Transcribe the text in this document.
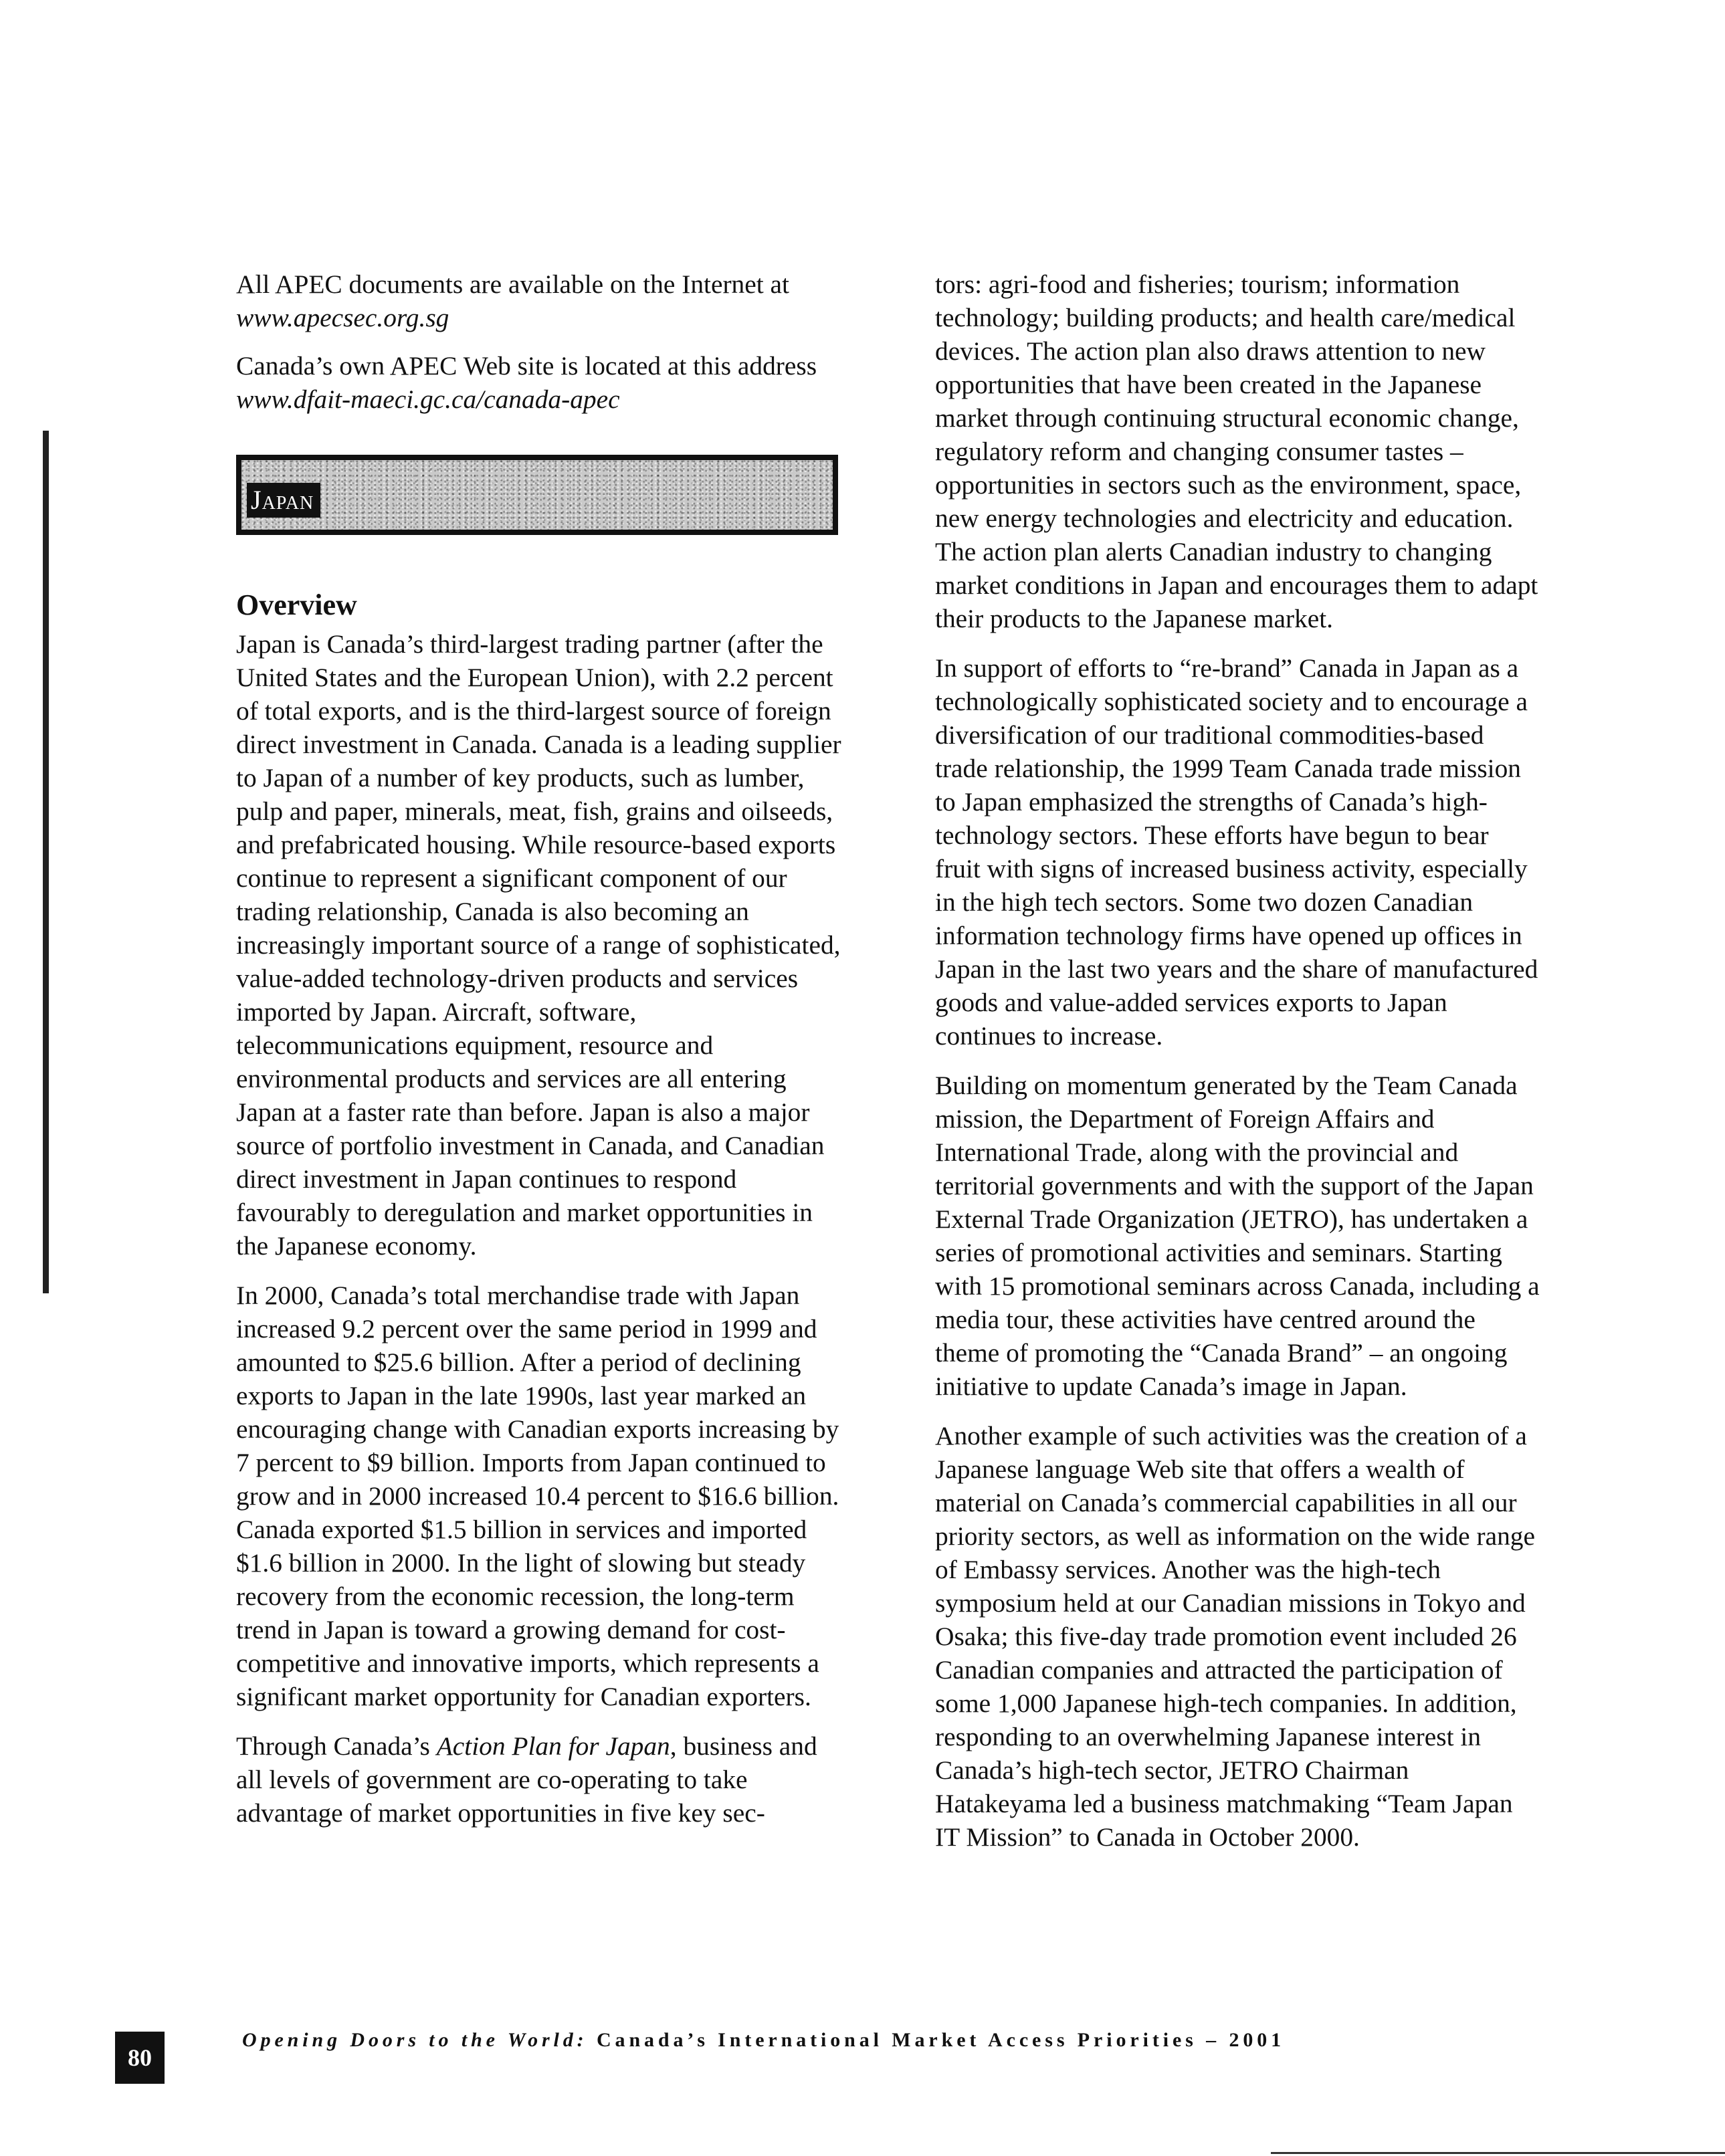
All APEC documents are available on the Internet at www.apecsec.org.sg

Canada’s own APEC Web site is located at this address www.dfait-maeci.gc.ca/canada-apec

Japan
Overview

Japan is Canada’s third-largest trading partner (after the United States and the European Union), with 2.2 percent of total exports, and is the third-largest source of foreign direct investment in Canada. Canada is a leading supplier to Japan of a number of key products, such as lumber, pulp and paper, minerals, meat, fish, grains and oilseeds, and prefabricated housing. While resource-based exports continue to represent a significant component of our trading relationship, Canada is also becoming an increasingly important source of a range of sophisticated, value-added technology-driven products and services imported by Japan. Aircraft, software, telecommunications equipment, resource and environmental products and services are all entering Japan at a faster rate than before. Japan is also a major source of portfolio investment in Canada, and Canadian direct investment in Japan continues to respond favourably to deregulation and market opportunities in the Japanese economy.

In 2000, Canada’s total merchandise trade with Japan increased 9.2 percent over the same period in 1999 and amounted to $25.6 billion. After a period of declining exports to Japan in the late 1990s, last year marked an encouraging change with Canadian exports increasing by 7 percent to $9 billion. Imports from Japan continued to grow and in 2000 increased 10.4 percent to $16.6 billion. Canada exported $1.5 billion in services and imported $1.6 billion in 2000. In the light of slowing but steady recovery from the economic recession, the long-term trend in Japan is toward a growing demand for cost-competitive and innovative imports, which represents a significant market opportunity for Canadian exporters.

Through Canada’s Action Plan for Japan, business and all levels of government are co-operating to take advantage of market opportunities in five key sec-

tors: agri-food and fisheries; tourism; information technology; building products; and health care/medical devices. The action plan also draws attention to new opportunities that have been created in the Japanese market through continuing structural economic change, regulatory reform and changing consumer tastes – opportunities in sectors such as the environment, space, new energy technologies and electricity and education. The action plan alerts Canadian industry to changing market conditions in Japan and encourages them to adapt their products to the Japanese market.

In support of efforts to “re-brand” Canada in Japan as a technologically sophisticated society and to encourage a diversification of our traditional commodities-based trade relationship, the 1999 Team Canada trade mission to Japan emphasized the strengths of Canada’s high-technology sectors. These efforts have begun to bear fruit with signs of increased business activity, especially in the high tech sectors. Some two dozen Canadian information technology firms have opened up offices in Japan in the last two years and the share of manufactured goods and value-added services exports to Japan continues to increase.

Building on momentum generated by the Team Canada mission, the Department of Foreign Affairs and International Trade, along with the provincial and territorial governments and with the support of the Japan External Trade Organization (JETRO), has undertaken a series of promotional activities and seminars. Starting with 15 promotional seminars across Canada, including a media tour, these activities have centred around the theme of promoting the “Canada Brand” – an ongoing initiative to update Canada’s image in Japan.

Another example of such activities was the creation of a Japanese language Web site that offers a wealth of material on Canada’s commercial capabilities in all our priority sectors, as well as information on the wide range of Embassy services. Another was the high-tech symposium held at our Canadian missions in Tokyo and Osaka; this five-day trade promotion event included 26 Canadian companies and attracted the participation of some 1,000 Japanese high-tech companies. In addition, responding to an overwhelming Japanese interest in Canada’s high-tech sector, JETRO Chairman Hatakeyama led a business matchmaking “Team Japan IT Mission” to Canada in October 2000.

80
Opening Doors to the World: Canada’s International Market Access Priorities – 2001
